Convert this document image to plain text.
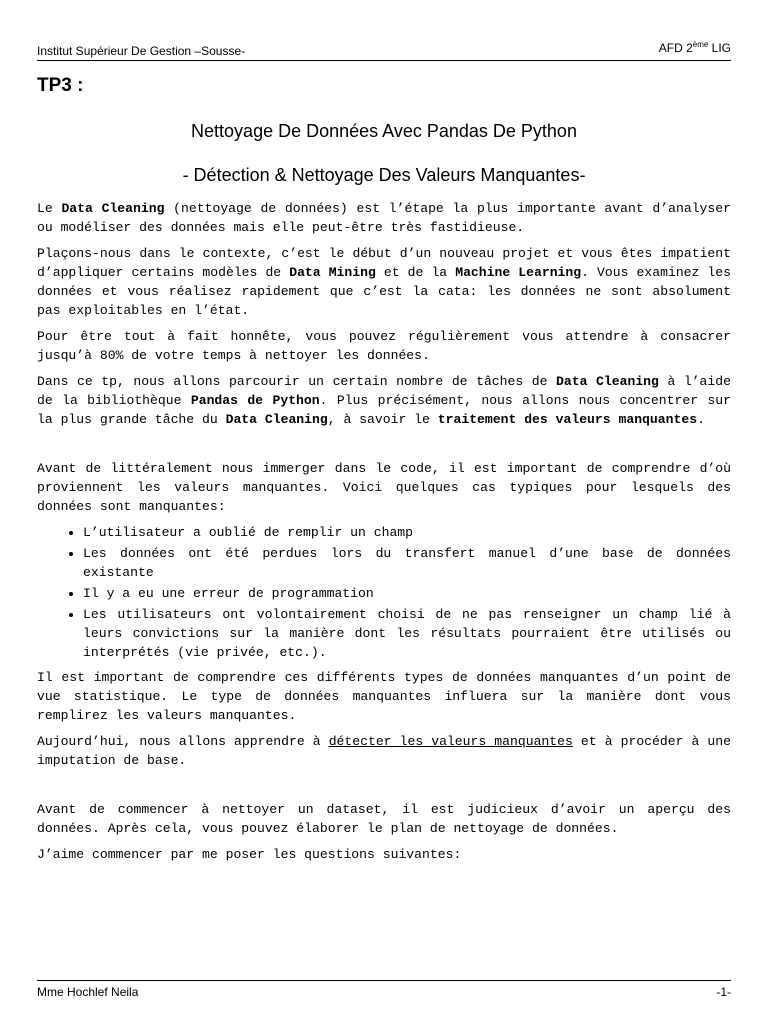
Institut Supérieur De Gestion –Sousse-	AFD 2ème LIG
TP3 :
Nettoyage De Données Avec Pandas De Python
- Détection & Nettoyage Des Valeurs Manquantes-

Le Data Cleaning (nettoyage de données) est l’étape la plus importante avant d’analyser ou modéliser des données mais elle peut-être très fastidieuse.

Plaçons-nous dans le contexte, c’est le début d’un nouveau projet et vous êtes impatient d’appliquer certains modèles de Data Mining et de la Machine Learning. Vous examinez les données et vous réalisez rapidement que c’est la cata: les données ne sont absolument pas exploitables en l’état.

Pour être tout à fait honnête, vous pouvez régulièrement vous attendre à consacrer jusqu’à 80% de votre temps à nettoyer les données.

Dans ce tp, nous allons parcourir un certain nombre de tâches de Data Cleaning à l’aide de la bibliothèque Pandas de Python. Plus précisément, nous allons nous concentrer sur la plus grande tâche du Data Cleaning, à savoir le traitement des valeurs manquantes.

Avant de littéralement nous immerger dans le code, il est important de comprendre d’où proviennent les valeurs manquantes. Voici quelques cas typiques pour lesquels des données sont manquantes:

• L’utilisateur a oublié de remplir un champ
• Les données ont été perdues lors du transfert manuel d’une base de données existante
• Il y a eu une erreur de programmation
• Les utilisateurs ont volontairement choisi de ne pas renseigner un champ lié à leurs convictions sur la manière dont les résultats pourraient être utilisés ou interprétés (vie privée, etc.).

Il est important de comprendre ces différents types de données manquantes d’un point de vue statistique. Le type de données manquantes influera sur la manière dont vous remplirez les valeurs manquantes.

Aujourd’hui, nous allons apprendre à détecter les valeurs manquantes et à procéder à une imputation de base.

Avant de commencer à nettoyer un dataset, il est judicieux d’avoir un aperçu des données. Après cela, vous pouvez élaborer le plan de nettoyage de données.

J’aime commencer par me poser les questions suivantes:

Mme Hochlef Neila	-1-
